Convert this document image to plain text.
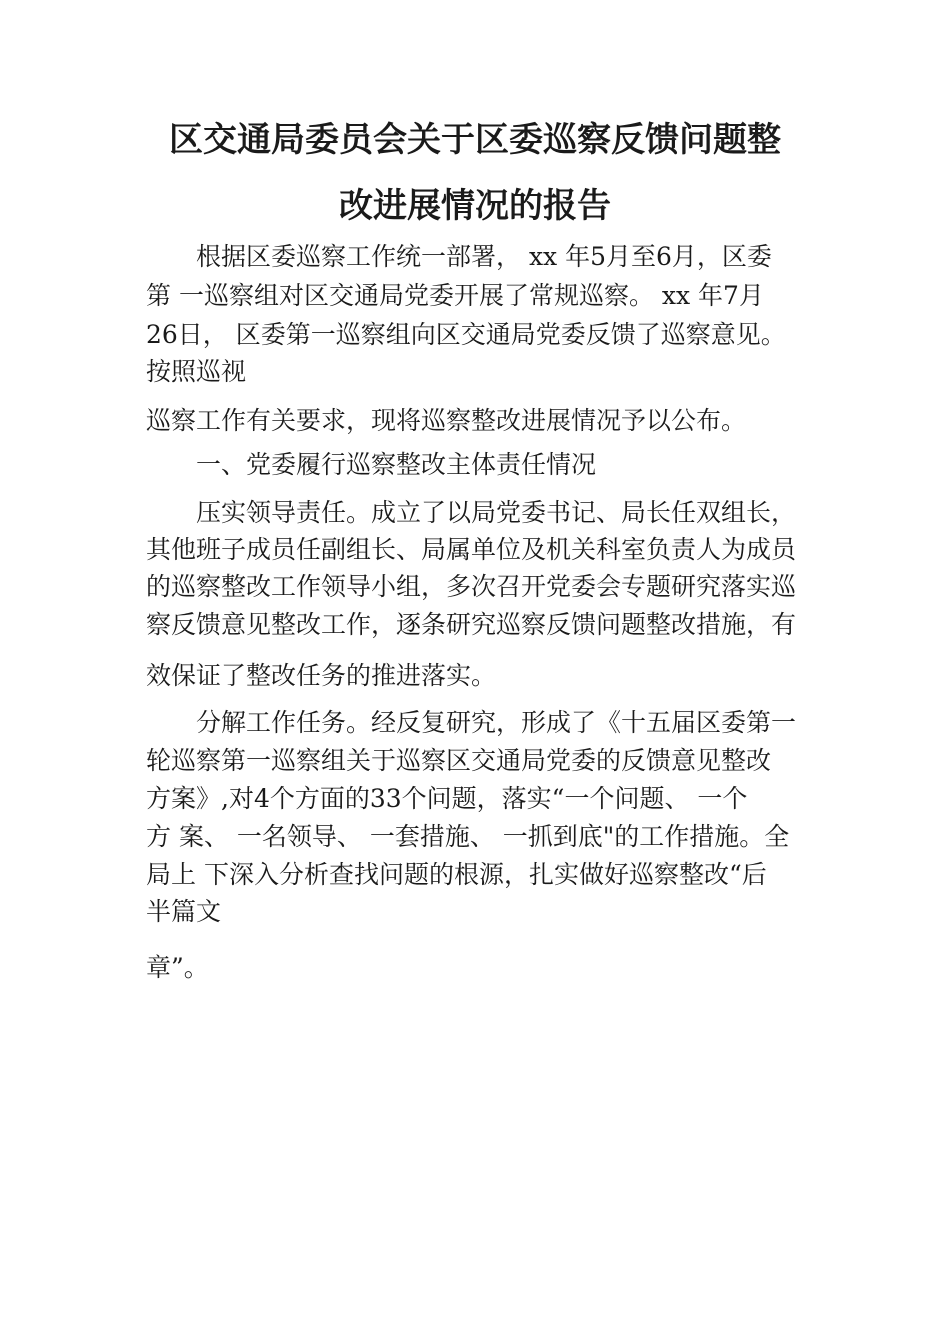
区交通局委员会关于区委巡察反馈问题整
改进展情况的报告
根据区委巡察工作统一部署， xx 年5月至6月，区委
第 一巡察组对区交通局党委开展了常规巡察。 xx 年7月
26日， 区委第一巡察组向区交通局党委反馈了巡察意见。
按照巡视
巡察工作有关要求，现将巡察整改进展情况予以公布。
一、党委履行巡察整改主体责任情况
压实领导责任。成立了以局党委书记、局长任双组长，
其他班子成员任副组长、局属单位及机关科室负责人为成员
的巡察整改工作领导小组，多次召开党委会专题研究落实巡
察反馈意见整改工作，逐条研究巡察反馈问题整改措施，有
效保证了整改任务的推进落实。
分解工作任务。经反复研究，形成了《十五届区委第一
轮巡察第一巡察组关于巡察区交通局党委的反馈意见整改
方案》,对4个方面的33个问题，落实“一个问题、 一个
方 案、 一名领导、 一套措施、 一抓到底"的工作措施。全
局上 下深入分析查找问题的根源，扎实做好巡察整改“后
半篇文
章”。
